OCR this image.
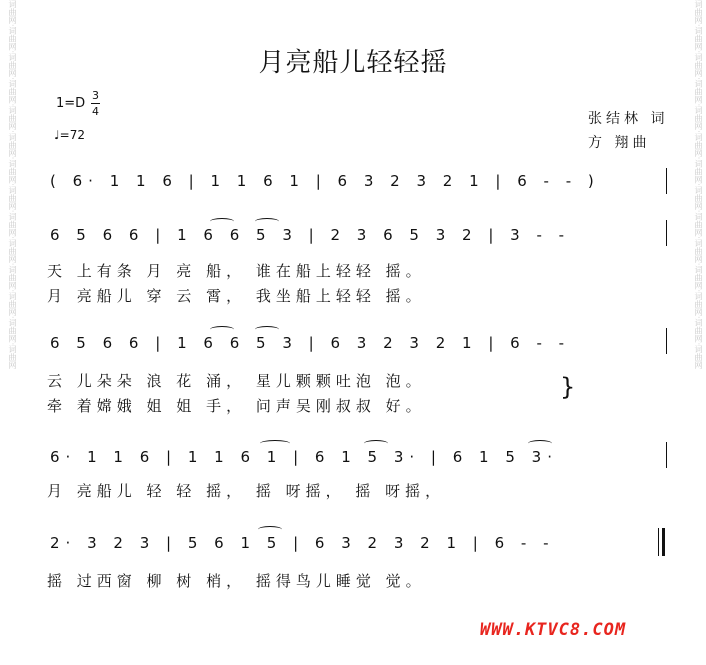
词曲网·词曲网·词曲网·词曲网·词曲网·词曲网·词曲网·词曲网·词曲网·词曲网·词曲网·词曲网·词曲网·词曲网
词曲网·词曲网·词曲网·词曲网·词曲网·词曲网·词曲网·词曲网·词曲网·词曲网·词曲网·词曲网·词曲网·词曲网
月亮船儿轻轻摇
1=D
3
4
♩=72
张结林 词
方 翔曲
( 6· 1 1 6 | 1 1 6 1 | 6 3 2 3 2 1 | 6 - - )
6 5 6 6 | 1 6 6 5 3 | 2 3 6 5 3 2 | 3 - -
天 上有条 月 亮 船， 谁在船上轻轻 摇。
月 亮船儿 穿 云 霄， 我坐船上轻轻 摇。
6 5 6 6 | 1 6 6 5 3 | 6 3 2 3 2 1 | 6 - -
云 儿朵朵 浪 花 涌， 星儿颗颗吐泡 泡。
牵 着嫦娥 姐 姐 手， 问声吴刚叔叔 好。
}
6· 1 1 6 | 1 1 6 1 | 6 1 5 3· | 6 1 5 3·
月 亮船儿 轻 轻 摇， 摇 呀摇， 摇 呀摇，
2· 3 2 3 | 5 6 1 5 | 6 3 2 3 2 1 | 6 - -
摇 过西窗 柳 树 梢， 摇得鸟儿睡觉 觉。
WWW.KTVC8.COM
